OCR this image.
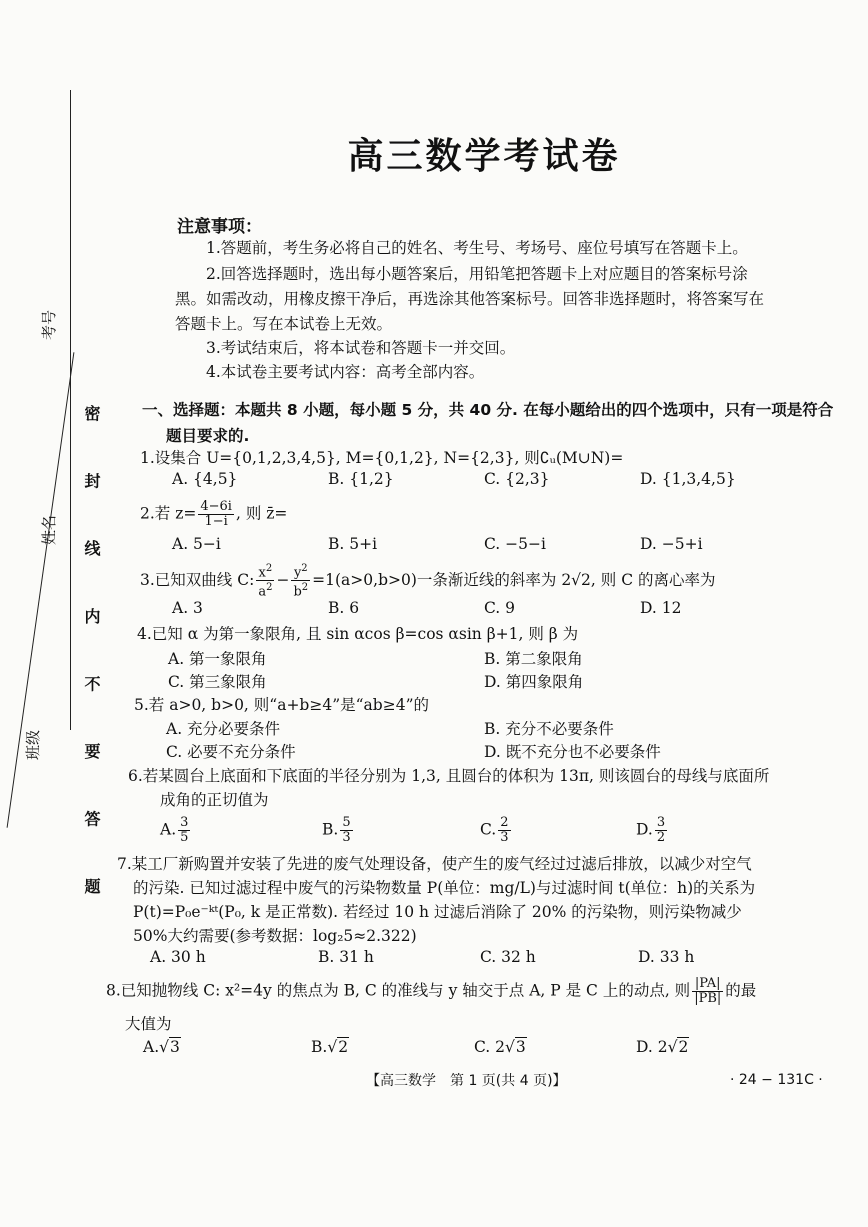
密 封 线 内 不 要 答 题
考号
姓名
班级
高三数学考试卷
注意事项：
1.答题前，考生务必将自己的姓名、考生号、考场号、座位号填写在答题卡上。
2.回答选择题时，选出每小题答案后，用铅笔把答题卡上对应题目的答案标号涂
黑。如需改动，用橡皮擦干净后，再选涂其他答案标号。回答非选择题时，将答案写在
答题卡上。写在本试卷上无效。
3.考试结束后，将本试卷和答题卡一并交回。
4.本试卷主要考试内容：高考全部内容。
一、选择题：本题共 8 小题，每小题 5 分，共 40 分. 在每小题给出的四个选项中，只有一项是符合
题目要求的.
1.设集合 U={0,1,2,3,4,5}, M={0,1,2}, N={2,3}, 则∁ᵤ(M∪N)=
A. {4,5}	B. {1,2}	C. {2,3}	D. {1,3,4,5}
2.若 $z= \frac{4-6i}{1-i}$ , 则 z̄=
A. 5−i	B. 5+i	C. −5−i	D. −5+i
3.已知双曲线 C: $\frac{x^2}{a^2} - \frac{y^2}{b^2} =1(a>0,b>0)$一条渐近线的斜率为 2√2, 则 C 的离心率为
A. 3	B. 6	C. 9	D. 12
4.已知 α 为第一象限角, 且 sin αcos β=cos αsin β+1, 则 β 为
A. 第一象限角	B. 第二象限角
C. 第三象限角	D. 第四象限角
5.若 a>0, b>0, 则“a+b≥4”是“ab≥4”的
A. 充分必要条件	B. 充分不必要条件
C. 必要不充分条件	D. 既不充分也不必要条件
6.若某圆台上底面和下底面的半径分别为 1,3, 且圆台的体积为 13π, 则该圆台的母线与底面所
成角的正切值为
A. $\frac{3}{5}$	B. $\frac{5}{3}$	C. $\frac{2}{3}$	D. $\frac{3}{2}$
7.某工厂新购置并安装了先进的废气处理设备，使产生的废气经过过滤后排放，以减少对空气
的污染. 已知过滤过程中废气的污染物数量 P(单位：mg/L)与过滤时间 t(单位：h)的关系为
P(t)=P₀e⁻ᵏᵗ(P₀, k 是正常数). 若经过 10 h 过滤后消除了 20% 的污染物，则污染物减少
50%大约需要(参考数据：log₂5≈2.322)
A. 30 h	B. 31 h	C. 32 h	D. 33 h
8.已知抛物线 C: x²=4y 的焦点为 B, C 的准线与 y 轴交于点 A, P 是 C 上的动点, 则 $\frac{|PA|}{|PB|}$ 的最
大值为
A.√3	B.√2	C. 2√3	D. 2√2
【高三数学　第 1 页(共 4 页)】	· 24 − 131C ·
